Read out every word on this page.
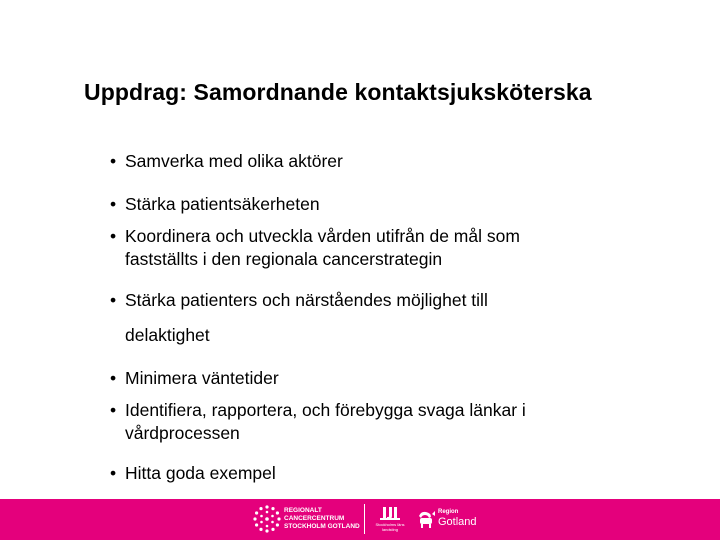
Uppdrag: Samordnande kontaktsjuksköterska
• Samverka med olika aktörer
• Stärka patientsäkerheten
• Koordinera och utveckla vården utifrån de mål som
fastställts i den regionala cancerstrategin
• Stärka patienters och närståendes möjlighet till
delaktighet
• Minimera väntetider
• Identifiera, rapportera, och förebygga svaga länkar i
vårdprocessen
• Hitta goda exempel
REGIONALT
CANCERCENTRUM
STOCKHOLM GOTLAND	Stockholms läns
landsting
Region
Gotland
